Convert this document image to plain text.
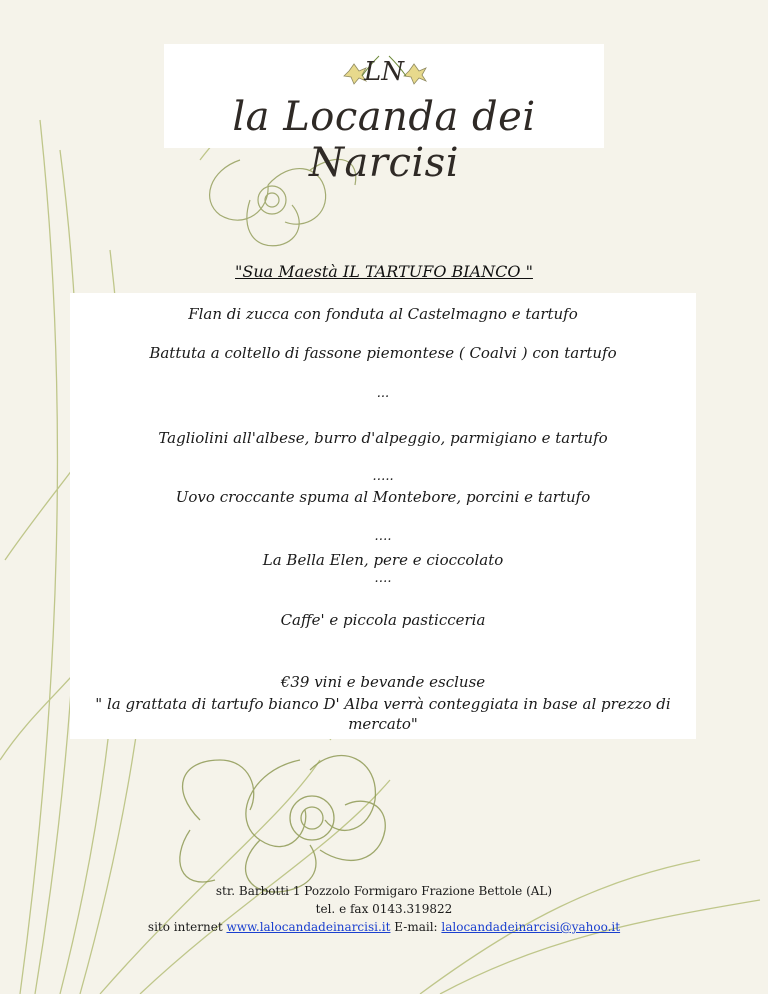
LN
la Locanda dei Narcisi
"Sua Maestà IL TARTUFO BIANCO "
Flan di zucca con fonduta al Castelmagno e tartufo
Battuta a coltello di fassone piemontese ( Coalvi ) con tartufo
...
Tagliolini all'albese, burro d'alpeggio, parmigiano e tartufo
…..
Uovo croccante spuma al Montebore, porcini e tartufo
….
La Bella Elen, pere e cioccolato
….
Caffe' e piccola pasticceria
€39 vini e bevande escluse
" la grattata di tartufo bianco D' Alba verrà conteggiata in base al prezzo di mercato"
str. Barbotti 1 Pozzolo Formigaro Frazione Bettole (AL)
tel. e fax 0143.319822
sito internet www.lalocandadeinarcisi.it E-mail: lalocandadeinarcisi@yahoo.it
